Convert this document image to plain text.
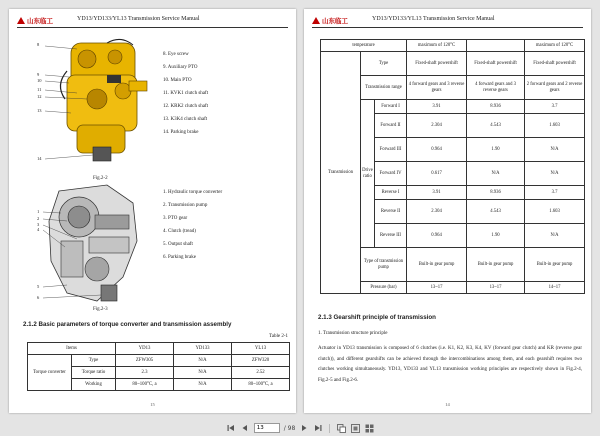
山东临工	YD13/YD133/YL13 Transmission Service Manual
8
9
10
11
12
13
14
8. Eye screw
9. Auxiliary PTO
10. Main PTO
11. KVK1 clutch shaft
12. KRK2 clutch shaft
13. K3K4 clutch shaft
14. Parking brake
Fig.2-2
1
2
3
4
5
6
1. Hydraulic torque converter
2. Transmission pump
3. PTO gear
4. Clutch (tread)
5. Output shaft
6. Parking brake
Fig.2-3
2.1.2 Basic parameters of torque converter and transmission assembly
Table 2-1
Items		YD13	YD133	YL13
Torque converter	Type	ZFW305	N/A	ZFW320
	Torque ratio	2.3	N/A	2.52
	Working	80~100°C, a	N/A	80~100°C, a
15
山东临工	YD13/YD133/YL13 Transmission Service Manual
temperature			maximum of 120°C		maximum of 120°C
Transmission	Type		Fixed-shaft powershift	Fixed-shaft powershift	Fixed-shaft powershift
	Transmission range		4 forward gears and 3 reverse gears	4 forward gears and 3 reverse gears	2 forward gears and 2 reverse gears
	Drive ratio	Forward I	3.91	8.936	3.7
		Forward II	2.304	4.543	1.603
		Forward III	0.964	1.90	N/A
		Forward IV	0.617	N/A	N/A
		Reverse I	3.91	8.936	3.7
		Reverse II	2.304	4.543	1.603
		Reverse III	0.964	1.90	N/A
	Type of transmission pump		Built-in gear pump	Built-in gear pump	Built-in gear pump
	Pressure (bar)		13~17	13~17	14~17
2.1.3 Gearshift principle of transmission
1. Transmission structure principle
Actuator in YD13 transmission is composed of 6 clutches (i.e. K1, K2, K3, K4, KV (forward gear clutch) and KR (reverse gear clutch)), and different gearshifts can be achieved through the intercombinations among them, and each gearshift requires two clutches working simultaneously. YD13, YD133 and YL13 transmission working principles are respectively shown in Fig.2-4, Fig.2-5 and Fig.2-6.
14
13
/ 98
